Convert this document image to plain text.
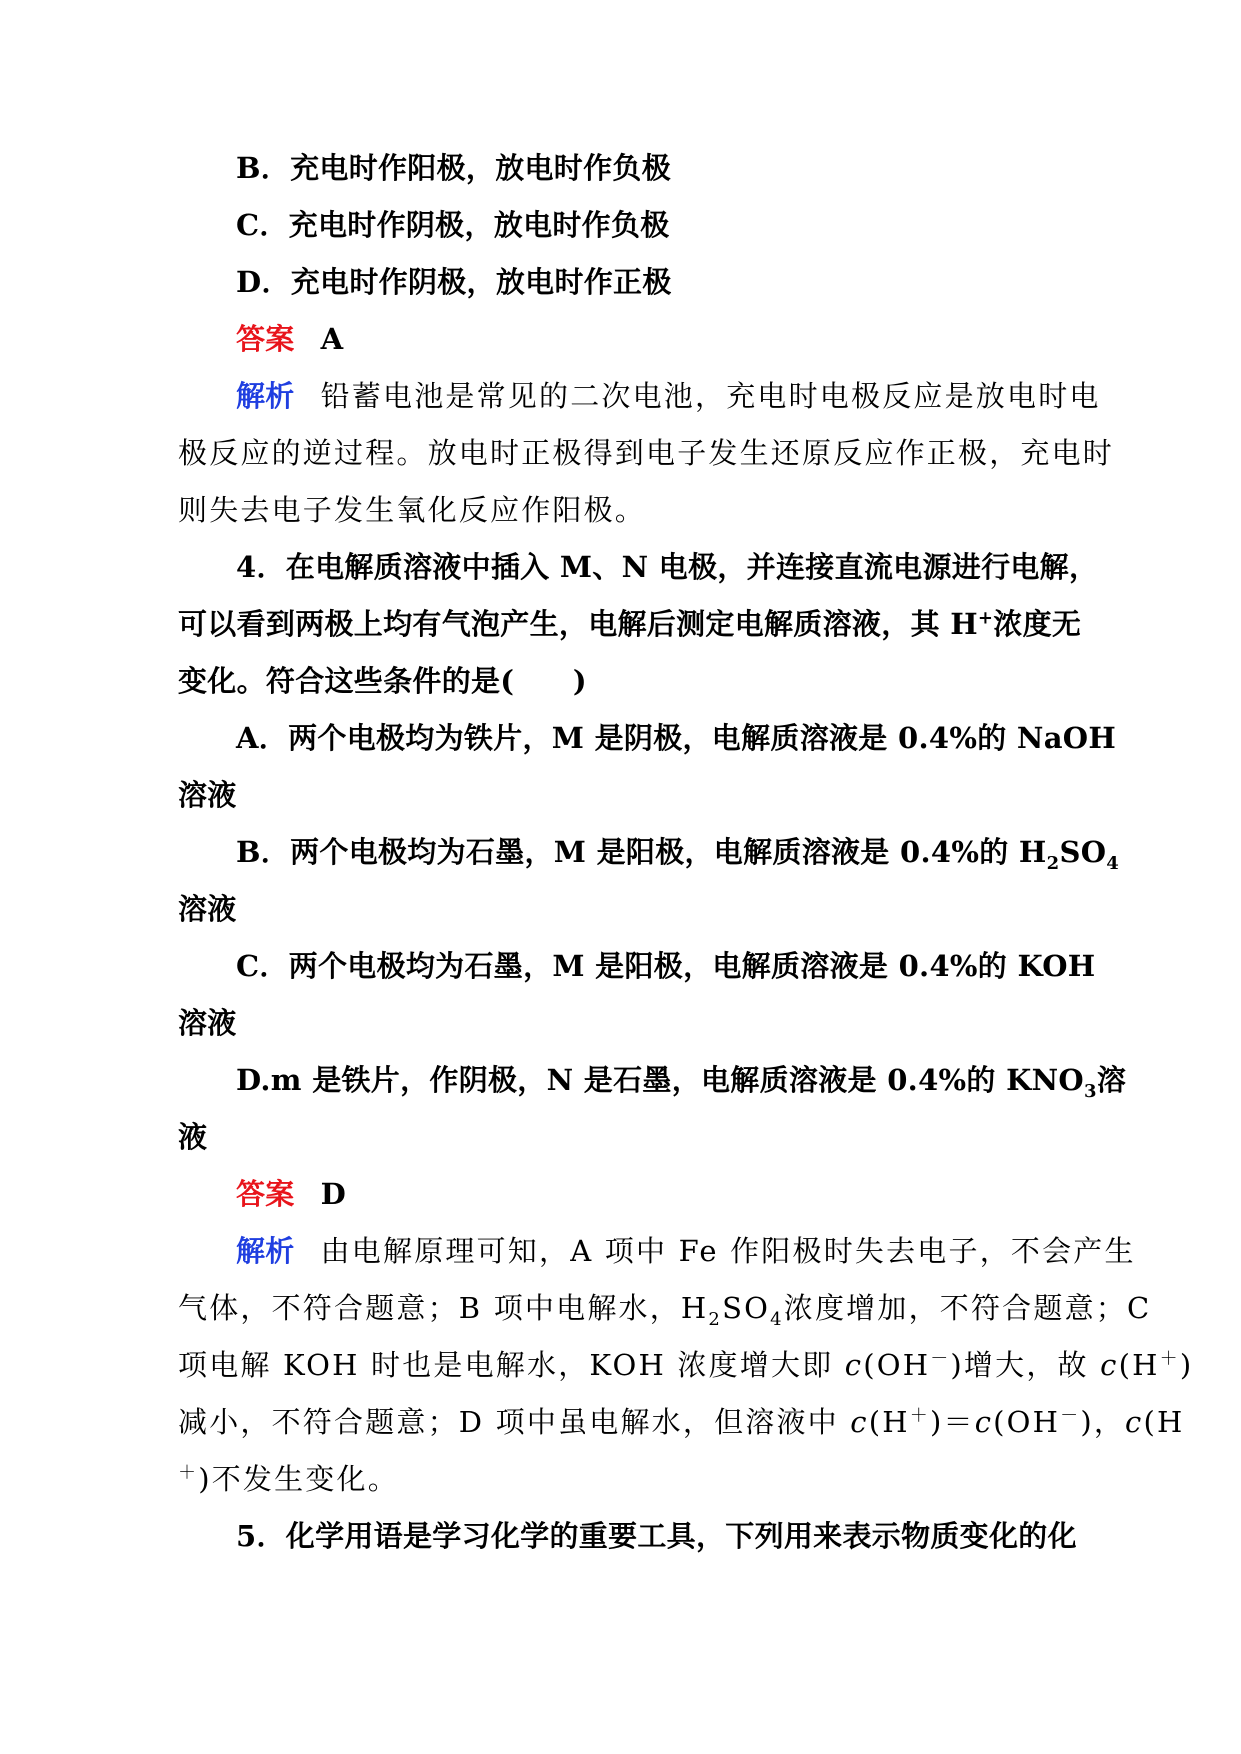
B．充电时作阳极，放电时作负极
C．充电时作阴极，放电时作负极
D．充电时作阴极，放电时作正极
答案 A
解析 铅蓄电池是常见的二次电池，充电时电极反应是放电时电
极反应的逆过程。放电时正极得到电子发生还原反应作正极，充电时
则失去电子发生氧化反应作阳极。
4．在电解质溶液中插入 M、N 电极，并连接直流电源进行电解，
可以看到两极上均有气泡产生，电解后测定电解质溶液，其 H+浓度无
变化。符合这些条件的是(　　)
A．两个电极均为铁片，M 是阴极，电解质溶液是 0.4%的 NaOH
溶液
B．两个电极均为石墨，M 是阳极，电解质溶液是 0.4%的 $H_2SO_4$
溶液
C．两个电极均为石墨，M 是阳极，电解质溶液是 0.4%的 KOH
溶液
D.m 是铁片，作阴极，N 是石墨，电解质溶液是 0.4%的 $KNO_3$溶
液
答案 D
解析 由电解原理可知，A 项中 Fe 作阳极时失去电子，不会产生
气体，不符合题意；B 项中电解水，$H_2SO_4$浓度增加，不符合题意；C
项电解 KOH 时也是电解水，KOH 浓度增大即 c(OH－)增大，故 c(H＋)
减小，不符合题意；D 项中虽电解水，但溶液中 c(H＋)＝c(OH－)，c(H
＋)不发生变化。
5．化学用语是学习化学的重要工具，下列用来表示物质变化的化
